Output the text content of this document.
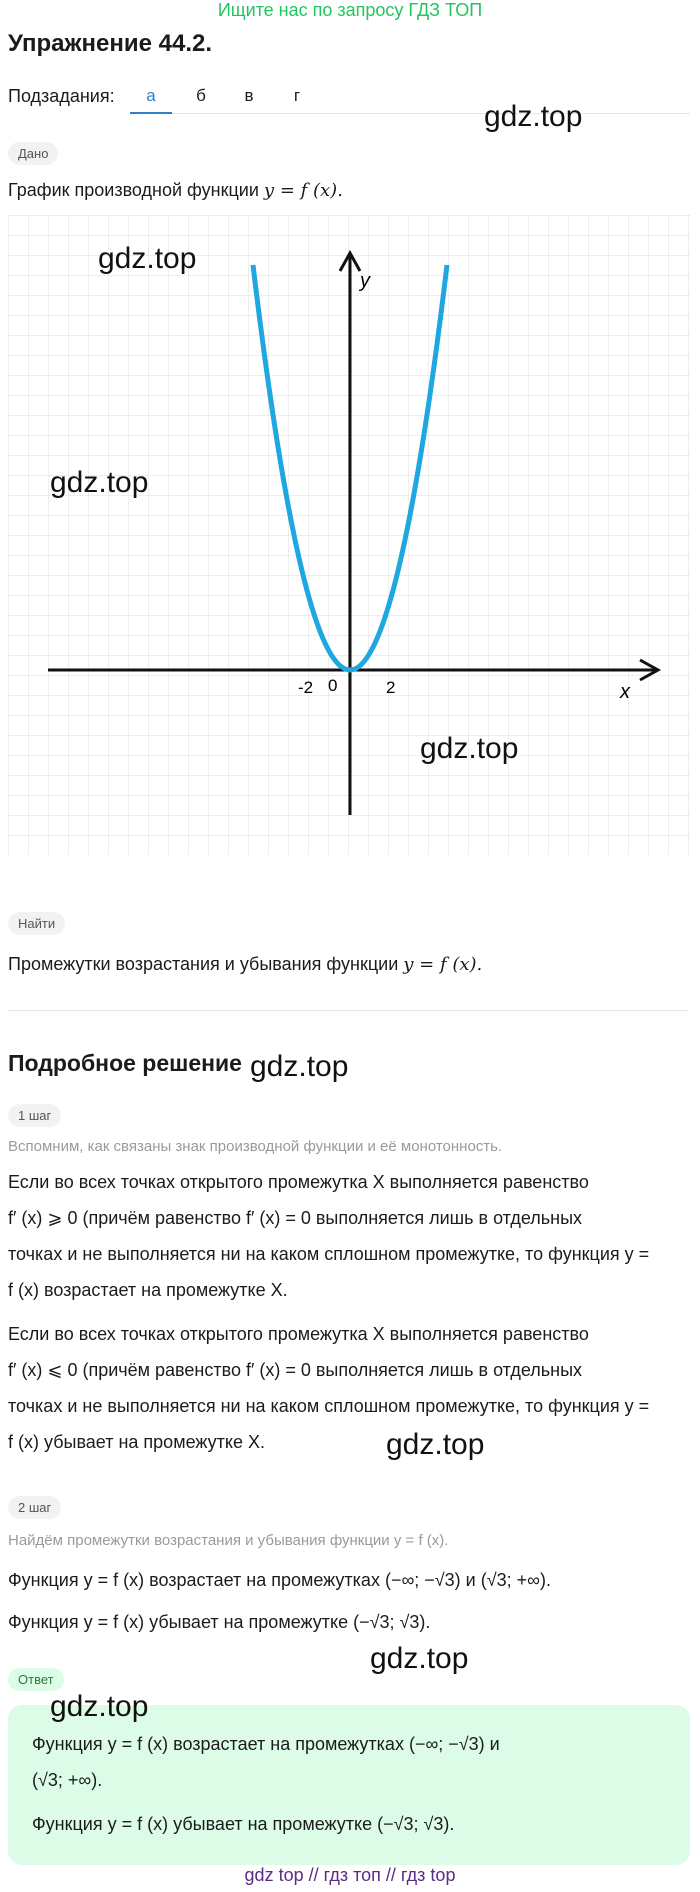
Ищите нас по запросу ГДЗ ТОП
Упражнение 44.2.
Подзадания:	а	б	в	г
gdz.top
Дано
График производной функции y = f (x).
y
x
-2 0	2
gdz.top
gdz.top
gdz.top
Найти
Промежутки возрастания и убывания функции y = f (x).
Подробное решение gdz.top
1 шаг
Вспомним, как связаны знак производной функции и её монотонность.
Если во всех точках открытого промежутка X выполняется равенство
f′ (x) ⩾ 0 (причём равенство f′ (x) = 0 выполняется лишь в отдельных
точках и не выполняется ни на каком сплошном промежутке, то функция y =
f (x) возрастает на промежутке X.
Если во всех точках открытого промежутка X выполняется равенство
f′ (x) ⩽ 0 (причём равенство f′ (x) = 0 выполняется лишь в отдельных
точках и не выполняется ни на каком сплошном промежутке, то функция y =
f (x) убывает на промежутке X.	gdz.top
2 шаг
Найдём промежутки возрастания и убывания функции y = f (x).
Функция y = f (x) возрастает на промежутках (−∞; −√3) и (√3; +∞).
Функция y = f (x) убывает на промежутке (−√3; √3).
gdz.top
Ответ
gdz.top
Функция y = f (x) возрастает на промежутках (−∞; −√3) и
(√3; +∞).
Функция y = f (x) убывает на промежутке (−√3; √3).
gdz top // гдз топ // гдз top
